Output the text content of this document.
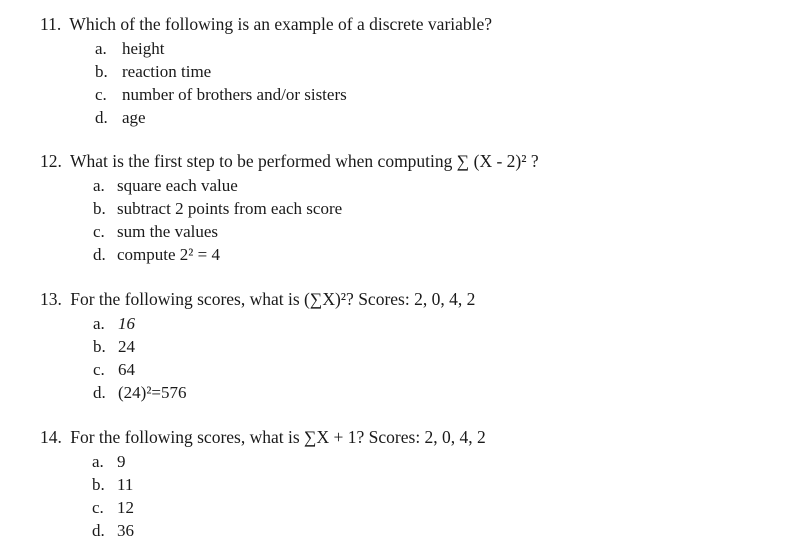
11. Which of the following is an example of a discrete variable?
a. height
b. reaction time
c. number of brothers and/or sisters
d. age
12. What is the first step to be performed when computing ∑ (X - 2)² ?
a. square each value
b. subtract 2 points from each score
c. sum the values
d. compute 2² = 4
13. For the following scores, what is (∑X)²? Scores: 2, 0, 4, 2
a. 16
b. 24
c. 64
d. (24)²=576
14. For the following scores, what is ∑X + 1? Scores: 2, 0, 4, 2
a. 9
b. 11
c. 12
d. 36
